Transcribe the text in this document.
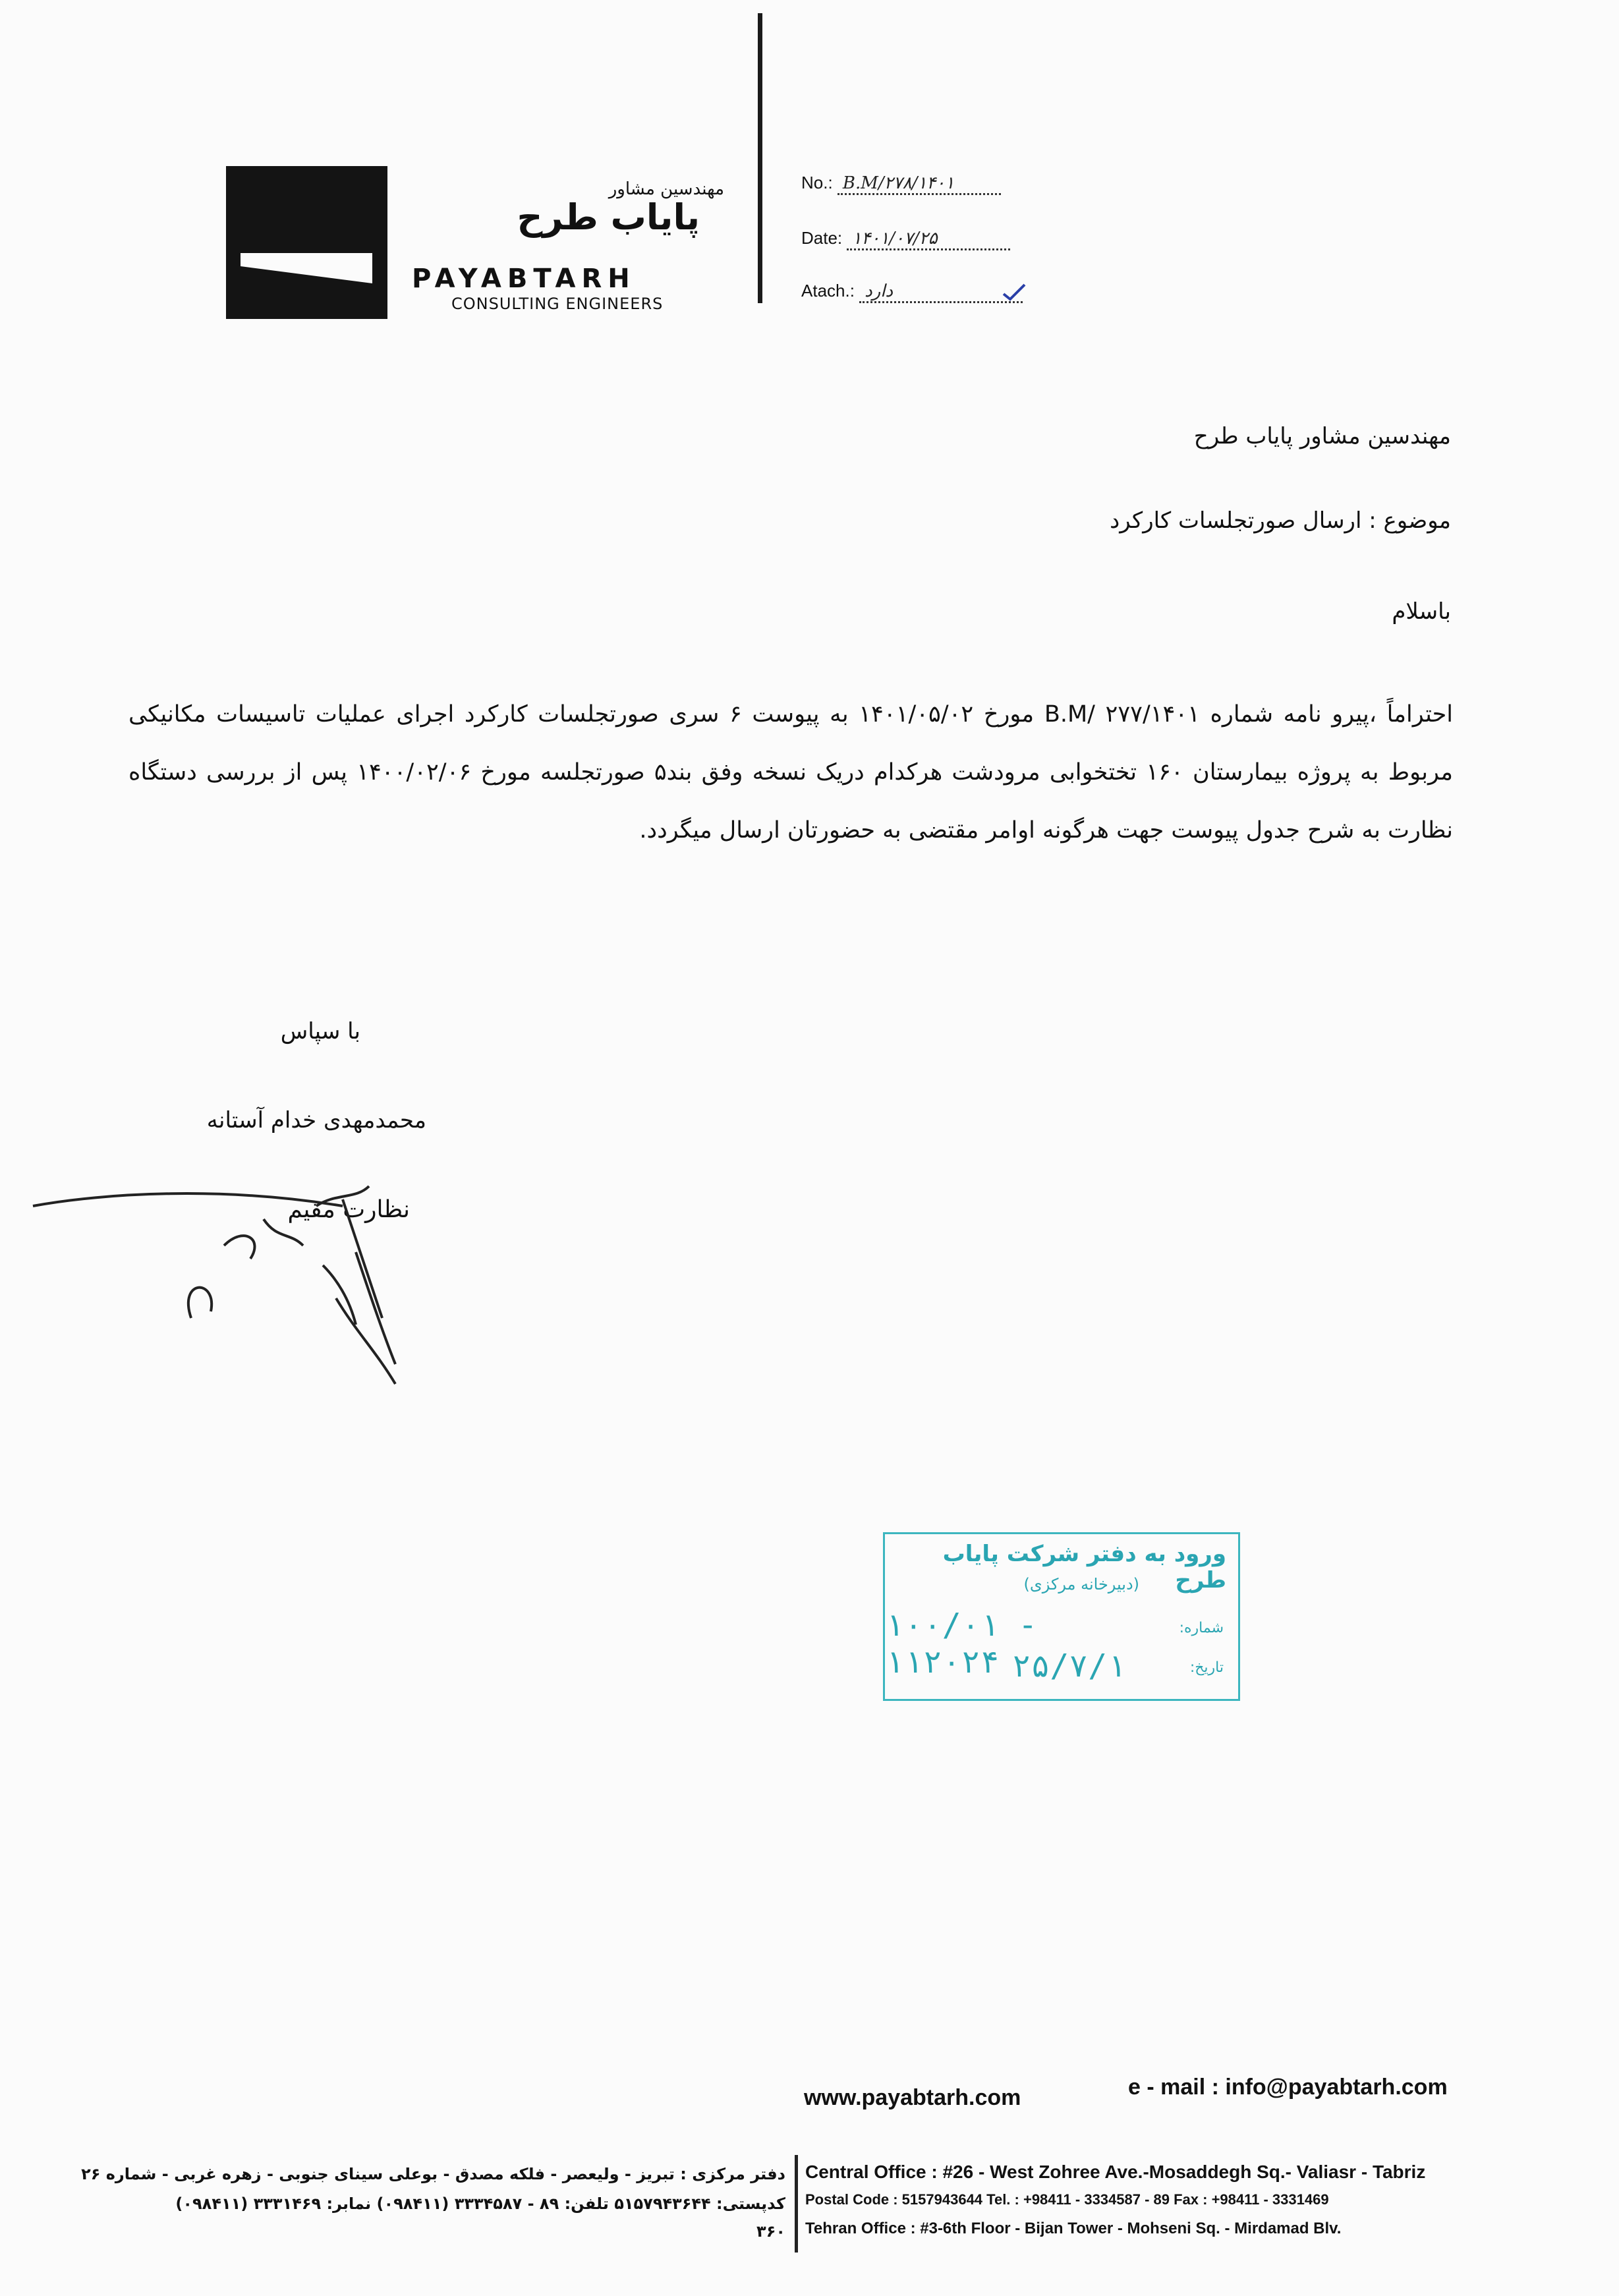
مهندسین مشاور
پایاب طرح
PAYABTARH
CONSULTING ENGINEERS
No.: B.M/۲۷۸/۱۴۰۱
Date: ۱۴۰۱/۰۷/۲۵
Atach.: دارد
مهندسین مشاور پایاب طرح
موضوع : ارسال صورتجلسات کارکرد
باسلام
احتراماً ،پیرو نامه شماره B.M/ ۲۷۷/۱۴۰۱ مورخ ۱۴۰۱/۰۵/۰۲ به پیوست ۶ سری صورتجلسات کارکرد اجرای عملیات تاسیسات مکانیکی مربوط به پروژه بیمارستان ۱۶۰ تختخوابی مرودشت هرکدام دریک نسخه وفق بند۵ صورتجلسه مورخ ۱۴۰۰/۰۲/۰۶ پس از بررسی دستگاه نظارت به شرح جدول پیوست جهت هرگونه اوامر مقتضی به حضورتان ارسال میگردد.
با سپاس
محمدمهدی خدام آستانه
نظارت مقیم
ورود به دفتر شرکت پایاب طرح
(دبیرخانه مرکزی)
شماره:
۱۰۰/۰۱ - ۱۱۲۰۲۴	تاریخ:
۲۵/۷/۱
www.payabtarh.com	e - mail : info@payabtarh.com
Central Office : #26 - West Zohree Ave.-Mosaddegh Sq.- Valiasr - Tabriz
Postal Code : 5157943644 Tel. : +98411 - 3334587 - 89 Fax : +98411 - 3331469
Tehran Office : #3-6th Floor - Bijan Tower - Mohseni Sq. - Mirdamad Blv.
دفتر مرکزی : تبریز - ولیعصر - فلکه مصدق - بوعلی سینای جنوبی - زهره غربی - شماره ۲۶
کدپستی: ۵۱۵۷۹۴۳۶۴۴ تلفن: ۸۹ - ۳۳۳۴۵۸۷ (۰۹۸۴۱۱) نمابر: ۳۳۳۱۴۶۹ (۰۹۸۴۱۱)
۳۶۰
